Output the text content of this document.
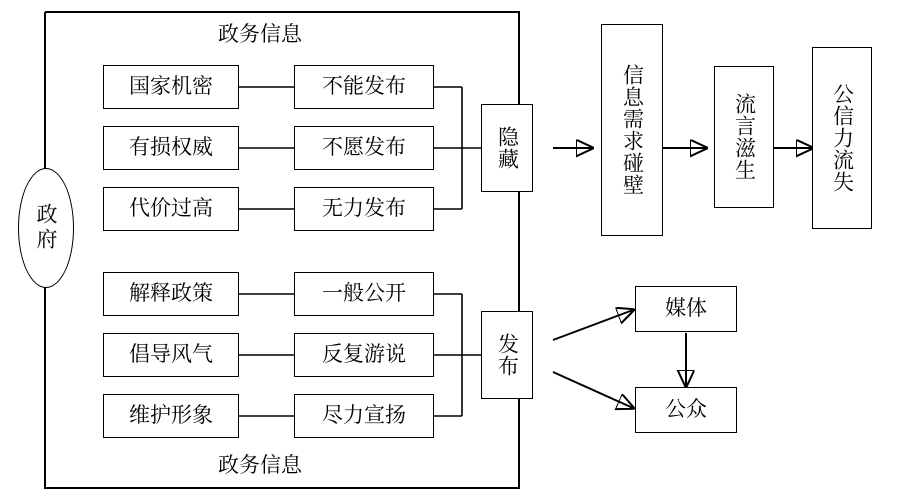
政务信息
政务信息
政府
国家机密
有损权威
代价过高
不能发布
不愿发布
无力发布
隐藏
解释政策
倡导风气
维护形象
一般公开
反复游说
尽力宣扬
发布
信息需求碰壁	流言滋生	公信力流失
媒体
公众
